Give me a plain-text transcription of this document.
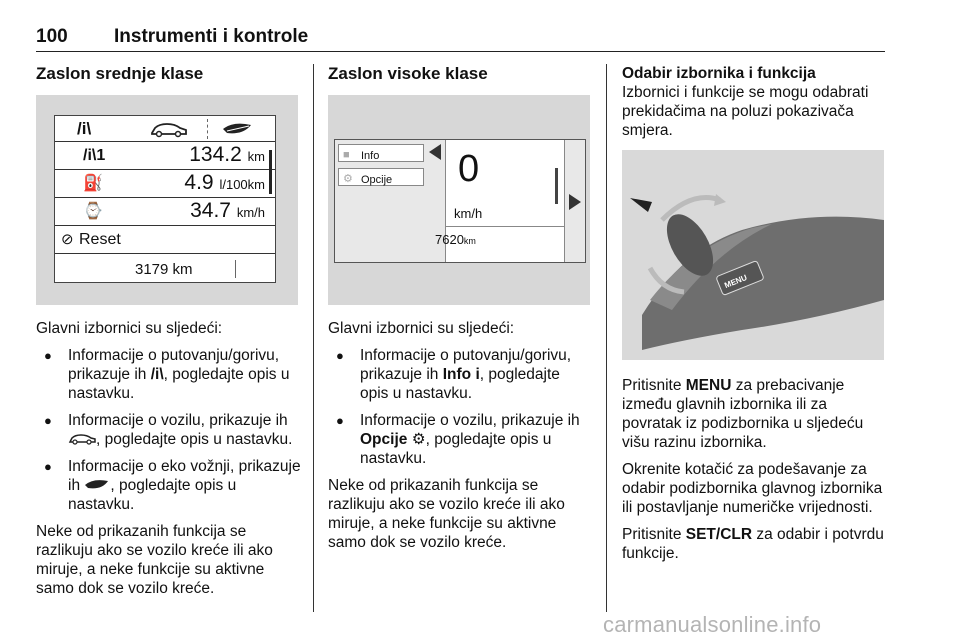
100 Instrumenti i kontrole
Zaslon srednje klase
/i\
/i\1	134.2 km
⛽	4.9 l/100km
⌚	34.7 km/h
⊘ Reset
3179 km
Glavni izbornici su sljedeći:
● Informacije o putovanju/gorivu, prikazuje ih /i\, pogledajte opis u nastavku.
● Informacije o vozilu, prikazuje ih , pogledajte opis u nastavku.
● Informacije o eko vožnji, prikazuje ih , pogledajte opis u nastavku.
Neke od prikazanih funkcija se razlikuju ako se vozilo kreće ili ako miruje, a neke funkcije su aktivne samo dok se vozilo kreće.
Zaslon visoke klase
■ Info
⚙ Opcije	0
km/h
7620km
Glavni izbornici su sljedeći:
● Informacije o putovanju/gorivu, prikazuje ih Info i, pogledajte opis u nastavku.
● Informacije o vozilu, prikazuje ih Opcije ⚙, pogledajte opis u nastavku.
Neke od prikazanih funkcija se razlikuju ako se vozilo kreće ili ako miruje, a neke funkcije su aktivne samo dok se vozilo kreće.
Odabir izbornika i funkcija
Izbornici i funkcije se mogu odabrati prekidačima na poluzi pokazivača smjera.
MENU
Pritisnite MENU za prebacivanje između glavnih izbornika ili za povratak iz podizbornika u sljedeću višu razinu izbornika.
Okrenite kotačić za podešavanje za odabir podizbornika glavnog izbornika ili postavljanje numeričke vrijednosti.
Pritisnite SET/CLR za odabir i potvrdu funkcije.
carmanualsonline.info
